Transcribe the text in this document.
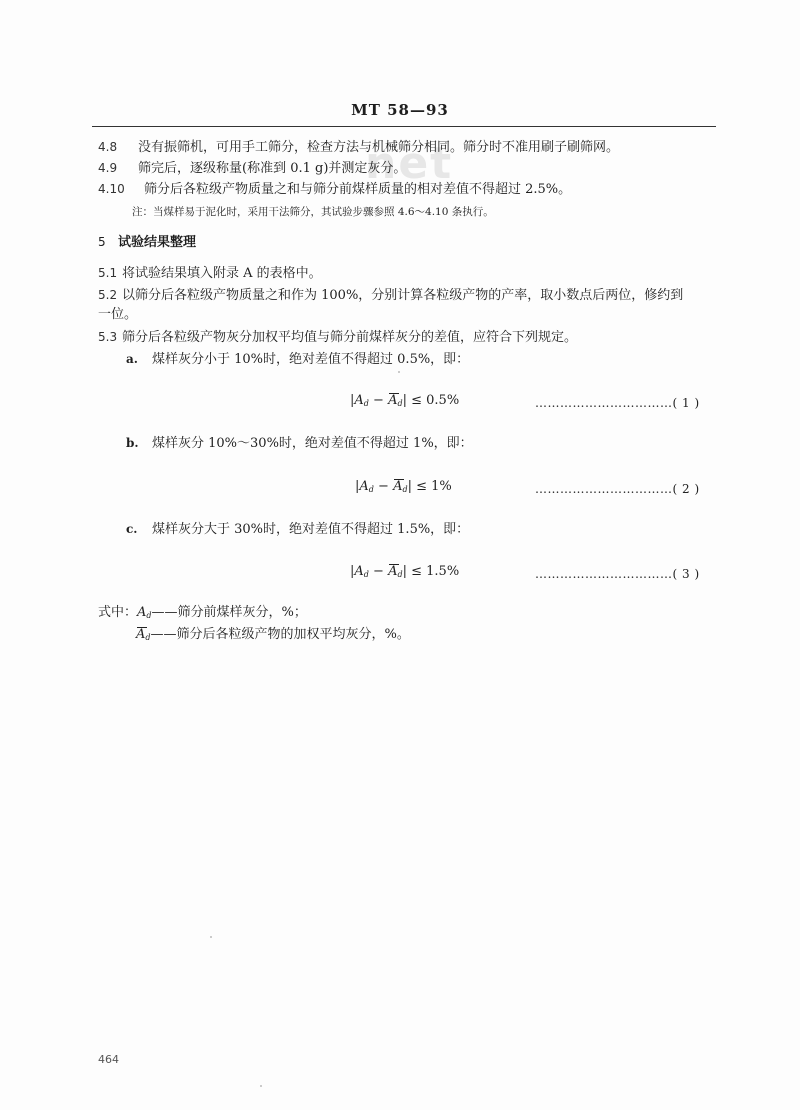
MT 58—93
net
4.8 没有振筛机，可用手工筛分，检查方法与机械筛分相同。筛分时不准用刷子刷筛网。
4.9 筛完后，逐级称量(称准到 0.1 g)并测定灰分。
4.10 筛分后各粒级产物质量之和与筛分前煤样质量的相对差值不得超过 2.5%。
注：当煤样易于泥化时，采用干法筛分，其试验步骤参照 4.6～4.10 条执行。
5 试验结果整理
5.1 将试验结果填入附录 A 的表格中。
5.2 以筛分后各粒级产物质量之和作为 100%，分别计算各粒级产物的产率，取小数点后两位，修约到
一位。
5.3 筛分后各粒级产物灰分加权平均值与筛分前煤样灰分的差值，应符合下列规定。
a. 煤样灰分小于 10%时，绝对差值不得超过 0.5%，即：
$|A_d - A_d| \le 0.5\%$	……………………………( 1 )
b. 煤样灰分 10%～30%时，绝对差值不得超过 1%，即：
$|A_d - A_d| \le 1\%$	……………………………( 2 )
c. 煤样灰分大于 30%时，绝对差值不得超过 1.5%，即：
$|A_d - A_d| \le 1.5\%$	……………………………( 3 )
式中：$A_d——$筛分前煤样灰分，%；
$A_d——$筛分后各粒级产物的加权平均灰分，%。
464
